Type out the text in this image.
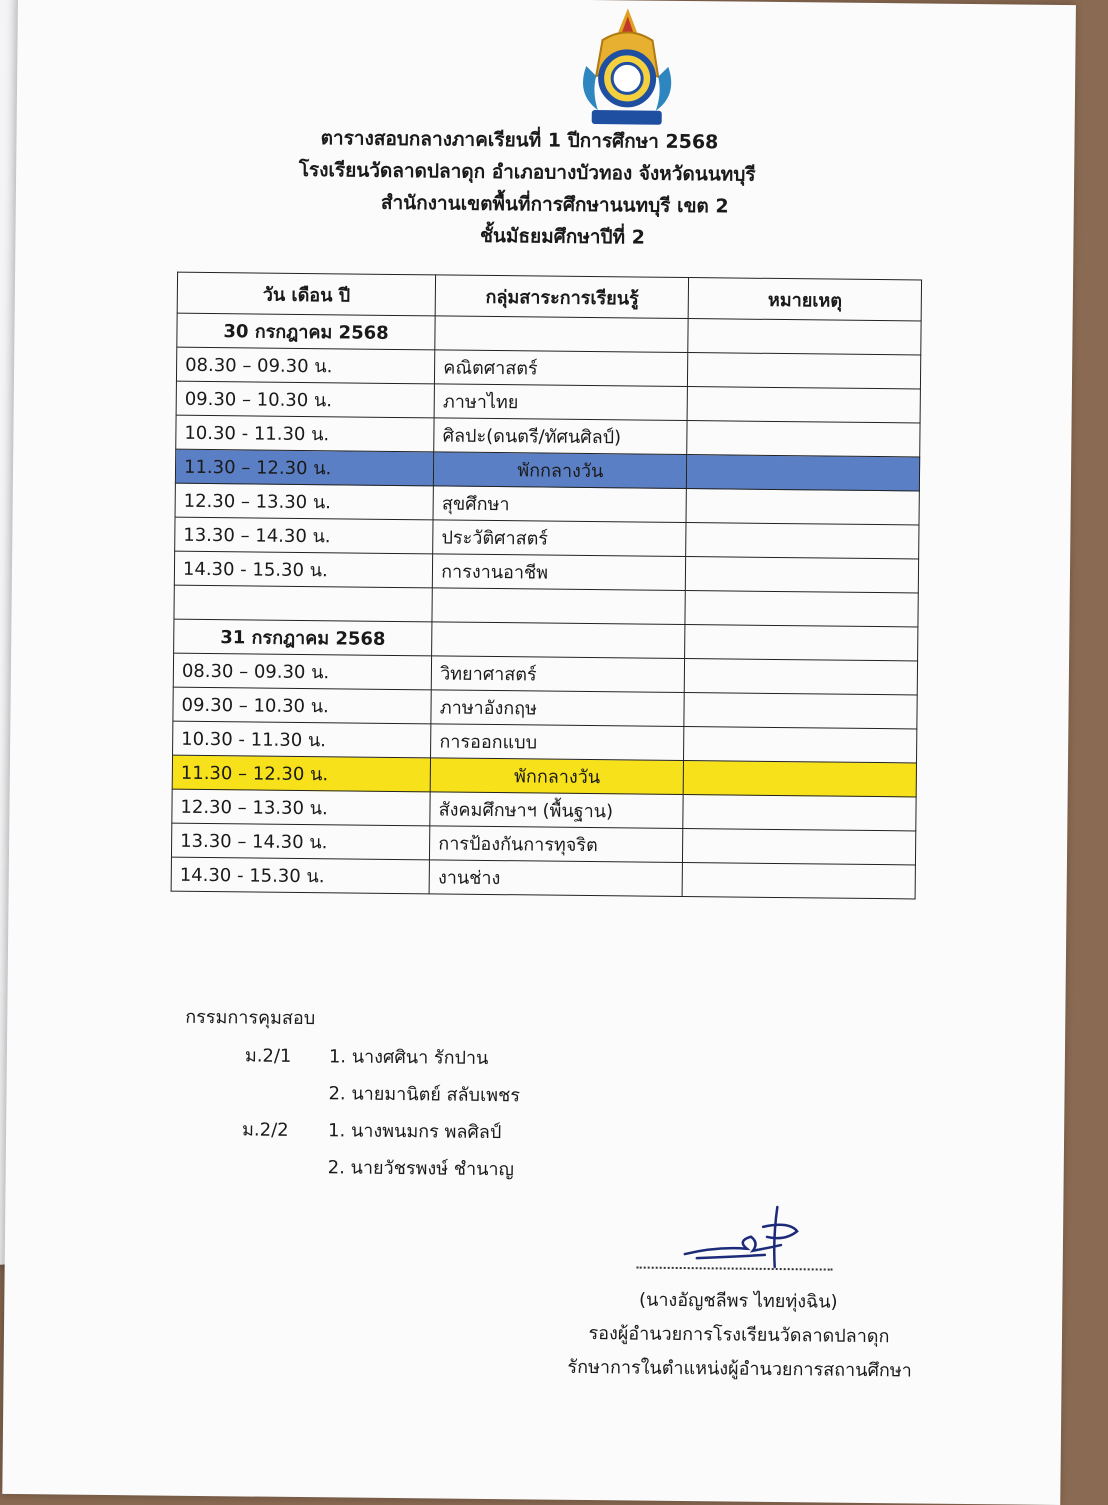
ตารางสอบกลางภาคเรียนที่ 1 ปีการศึกษา 2568
โรงเรียนวัดลาดปลาดุก อำเภอบางบัวทอง จังหวัดนนทบุรี
สำนักงานเขตพื้นที่การศึกษานนทบุรี เขต 2
ชั้นมัธยมศึกษาปีที่ 2
วัน เดือน ปี	กลุ่มสาระการเรียนรู้	หมายเหตุ
30 กรกฎาคม 2568		
08.30 – 09.30 น.	คณิตศาสตร์	
09.30 – 10.30 น.	ภาษาไทย	
10.30 - 11.30 น.	ศิลปะ(ดนตรี/ทัศนศิลป์)	
11.30 – 12.30 น.	พักกลางวัน	
12.30 – 13.30 น.	สุขศึกษา	
13.30 – 14.30 น.	ประวัติศาสตร์	
14.30 - 15.30 น.	การงานอาชีพ	

31 กรกฎาคม 2568		
08.30 – 09.30 น.	วิทยาศาสตร์	
09.30 – 10.30 น.	ภาษาอังกฤษ	
10.30 - 11.30 น.	การออกแบบ	
11.30 – 12.30 น.	พักกลางวัน	
12.30 – 13.30 น.	สังคมศึกษาฯ (พื้นฐาน)	
13.30 – 14.30 น.	การป้องกันการทุจริต	
14.30 - 15.30 น.	งานช่าง	
กรรมการคุมสอบ
ม.2/1 1. นางศศินา รักปาน
2. นายมานิตย์ สลับเพชร
ม.2/2 1. นางพนมกร พลศิลป์
2. นายวัชรพงษ์ ชำนาญ
(นางอัญชลีพร ไทยทุ่งฉิน)
รองผู้อำนวยการโรงเรียนวัดลาดปลาดุก
รักษาการในตำแหน่งผู้อำนวยการสถานศึกษา
